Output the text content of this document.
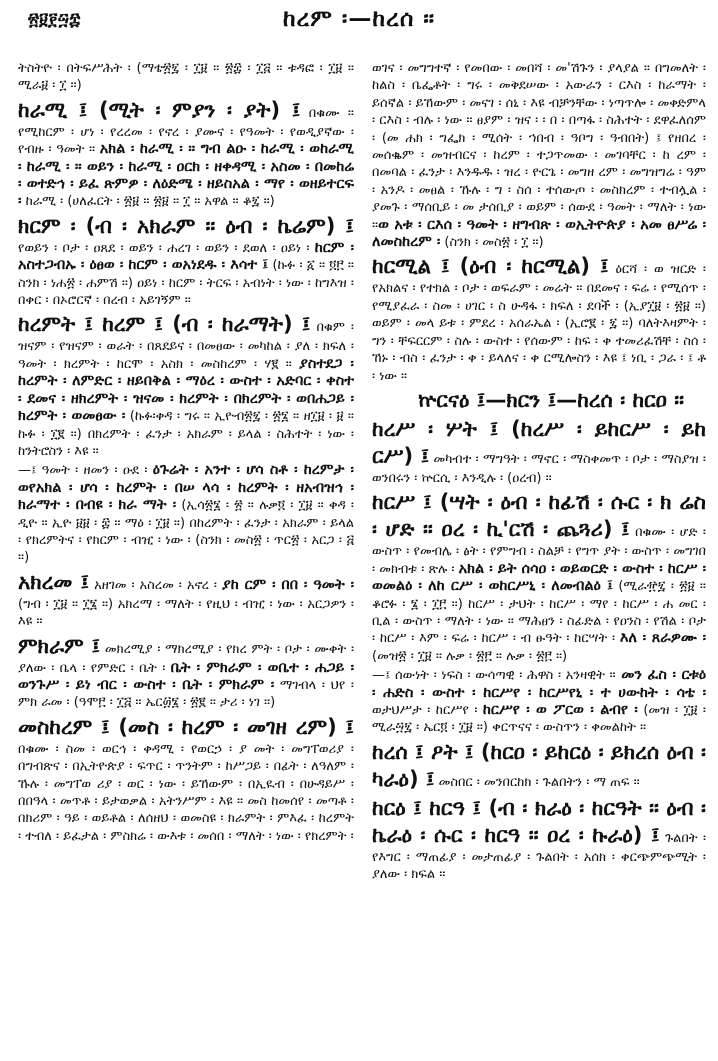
፳፱፻፵፰	ከረም ፡—ከረሰ ።
ትስትዮ ፡ በትፍሥሕት ፡ (ማቴ፳፯ ፡ ፲፱ ። ፳፰ ፡ ፲፭ ። ቱዳፎ ፡ ፲፱ ። ሚራ፱ ፡ ፲ ።)
ከራሚ ፤ (ሚት ፡ ምያን ፡ ያት) ፤ በቁሙ ። የሚከርም ፡ ሆነ ፡ የረረመ ፡ የኖረ ፡ ያሙና ፡ የዓመት ፡ የወዲያኛው ፡ የብዙ ፡ ዓመት ። አክል ፡ ከራሚ ፡ ። ግብ ልዑ ፡ ከራሚ ፡ ወከራሚ ፡ ከራሚ ፡ ። ወይን ፡ ከራሚ ፡ ዐርክ ፡ ዘቀዳሚ ፡ አስመ ፡ በመከሬ ፡ ወተድኅ ፡ ይፈ ጽምዎ ፡ ለዕድሜ ፡ ዘይስአል ፡ ማየ ፡ ወዘይተርፍ ፡ ከራሚ ፡ (ሀለፈርት ፡ ፳፱ ። ፳፱ ። ፲ ። አዋል ። ቆ፯ ።)
ክርም ፡ (ብ ፡ አክራም ። ዕብ ፡ ኬሬም) ፤ የወይን ፡ ቦታ ፡ ዐጸደ ፡ ወይን ፡ ሐረገ ፡ ወይን ፡ ደወለ ፡ ዐይነ ፡ ከርም ፡ አስተጋብኡ ፡ ዕፀወ ፡ ከርም ፡ ወአነደዱ ፡ እሳተ ፤ (ኩፉ ፡ ፩ ። ፬፫ ። ስንክ ፡ ነሐ፳ ፡ ሐምሽ ።) ዐይነ ፡ ከርም ፡ ትርፍ ፡ አብነት ፡ ነው ፡ ከግእዝ ፡ በቀር ፡ በኦሮርኛ ፡ በረብ ፡ አይገኝም ።
ከረምት ፤ ከረም ፤ (ብ ፡ ከራማት) ፤ በቁም ፡ ዝናም ፡ የዝናም ፡ ወራት ፡ በጸደይና ፡ በመፀው ፡ መካከል ፡ ያለ ፡ ክፍለ ፡ ዓመት ፡ ክረምት ፡ ከርሞ ፡ አስክ ፡ መስከረም ፡ ሃ፪ ። ያስተደጋ ፡ ከረምት ፡ ለምድር ፡ ዘይበቅል ፡ ማዕረ ፡ ውስተ ፡ አድባር ፡ ቀስተ ፡ ደመና ፡ ዘክረምት ፡ ዝናመ ፡ ክረምት ፡ በክረምት ፡ ወበሐጋይ ፡ ክረምት ፡ ወመፀው ፡ (ኩፉ፡ቀዳ ፡ ግሩ ። ኢዮብ፳፯ ፡ ፳፮ ። ዘ፲፱ ፡ ፱ ። ኩፉ ፡ ፲፪ ።) በክረምት ፡ ፈንታ ፡ አክራም ፡ ይላል ፡ ስሕተት ፡ ነው ፡ ከንትሮስን ፡ እዩ ።
—፤ ዓመት ፡ ዘመን ፡ ዑደ ፡ ዕጉሬት ፡ አንተ ፡ ሆሳ ስቶ ፡ ከረምታ ፡ ወየአክል ፡ ሆሳ ፡ ከረምት ፡ በሠ ላሳ ፡ ከረምት ፡ ዘአብዝኅ ፡ ክራማተ ፡ በብዩ ፡ ክራ ማት ፡ (ኢሳ፳፮ ፡ ፳ ። ሉቃ፬ ፡ ፲፱ ። ቀዳ ፡ ዲዮ ። ኢዮ ፱፱ ፡ ፰ ። ማዕ ፡ ፲፱ ።) በከረምት ፡ ፈንታ ፡ አክራም ፡ ይላል ፡ የክረምትና ፡ የክርም ፡ ብዢ ፡ ነው ፡ (ስንክ ፡ መስ፳ ፡ ጥር፳ ፡ አርጋ ፡ ፭ ።)
አክረመ ፤ አዘገመ ፡ አስረመ ፡ አኖረ ፡ ያከ ርም ፡ በበ ፡ ዓመት ፡ (ግብ ፡ ፲፱ ። ፲፮ ።) አክረማ ፡ ማለት ፡ የዚህ ፡ ብዢ ፡ ነው ፡ አርጋዎን ፡ እዩ ።
ምክራም ፤ መክረሚያ ፡ ማክረሚያ ፡ የክረ ምት ፡ ቦታ ፡ ሙቀት ፡ ያለው ፡ ቤላ ፡ የምድር ፡ ቤት ፡ ቤት ፡ ምክራም ፡ ወቤተ ፡ ሐጋይ ፡ ወንጉሥ ፡ ይነ ብር ፡ ውስተ ፡ ቤት ፡ ምክራም ፡ ማገብላ ፡ ህየ ፡ ምክ ራመ ፡ (ዓሞ፫ ፡ ፲፭ ። ኤር፴፮ ፡ ፳፪ ። ታሪ ፡ ነገ ።)
መስከረም ፤ (መስ ፡ ከረም ፡ መገዘ ረም) ፤ በቁሙ ፡ ስመ ፡ ወርኅ ፡ ቀዳሚ ፡ የወርኃ ፡ ያ መት ፡ መግፐወሪያ ፡ በግብጽና ፡ በኢትዮጵያ ፡ ፍጥር ፡ ጥንትም ፡ ከሥጋይ ፡ በፊት ፡ ለዓለም ፡ ኹሉ ፡ መግፐወ ሪያ ፡ ወር ፡ ነው ፡ ይኸውም ፡ በኢዪብ ፡ በሁዳይሥ ፡ በበዓላ ፡ መጥቶ ፡ ይታወቃል ፡ አትንሥም ፡ እዩ ። መስ ከመሰየ ፡ መጣቶ ፡ በክሪም ፡ ዓይ ፡ ወይቶል ፡ ለሰዘህ ፡ ወመስዩ ፡ ክራምት ፡ ምእፈ ፡ ከረምት ፡ ተብለ ፡ ይፈታል ፡ ምስክሬ ፡ ውእቱ ፡ መሰበ ፡ ማለት ፡ ነው ፡ የክረምት ፡
ወገና ፡ መግግተኛ ፡ የመበው ፡ መበሻ ፡ መ'ሽጉን ፡ ያላያል ። በግመለት ፡ ከልስ ፡ ቤፌቶት ፡ ግሩ ፡ መቅደሠው ፡ አውራን ፡ ርእስ ፡ ከራማት ፡ ይሰኛል ፡ ይኸውም ፡ መናገ ፡ ሰኒ ፡ እዩ ብቻንቸው ፡ ነጣጥሎ ፡ መቀድምላ ፡ ርእስ ፡ ብሉ ፡ ነው ። ፀያም ፡ ዝና ፡ ፡ በ ፡ በጣፋ ፡ ስሕተት ፡ ደዋፈለሰም ፡ (መ ሐክ ፡ ግፌክ ፡ ሚሰት ፡ ኀበብ ፡ ዓቦግ ፡ ዓብበት) ፤ የዘበረ ፡ መሰቈም ፡ መዝብርና ፡ ከረም ፡ ተጋጥመው ፡ መገባቸር ፡ ከ ረም ፡ በመባል ፡ ፈንታ ፡ እንዱዱ ፡ ዝረ ፡ ዮርጌ ፡ መግዘ ረም ፡ መግዝግሬ ፡ ዓም ፡ አንዶ ፡ መፀል ፡ ኹሉ ፡ ግ ፡ ስሰ ፡ ተሰውጦ ፡ መስክረም ፡ ተብሏል ፡ ያመጉ ፡ ማሰቢይ ፡ መ ታሰቢያ ፡ ወይም ፡ ሰውደ ፡ ዓመት ፡ ማለት ፡ ነው ።ወ አቱ ፡ ርእሰ ፡ ዓመት ፡ ዘግብጽ ፡ ወኢትዮጵያ ፡ አመ ፀሥሬ ፡ ለመስከረም ፡ (ስንክ ፡ መስ፳ ፡ ፲ ።)
ከርሚል ፤ (ዕብ ፡ ከርሚል) ፤ ዕርሻ ፡ ወ ዝርድ ፡ የአክልና ፡ የተክል ፡ ቦታ ፡ ወፍራም ፡ መሬት ። በደመና ፡ ፍሬ ፡ የሚሰጥ ፡ የሚያፈራ ፡ ስመ ፡ ሀገር ፡ ስ ሁዳፋ ፡ ክፍለ ፡ ደባች ፡ (ኢያ፲፱ ፡ ፳፱ ።) ወይም ፡ መላ ይቱ ፡ ምደረ ፡ አሰራኤል ፡ (ኢሮ፪ ፡ ፯ ።) ባለትእዛምት ፡ ግን ፡ ቸፍርርም ፡ ስሉ ፡ ውስተ ፡ የሰውም ፡ ከፍ ፡ ቀ ተመሪፈሽቸ ፡ ስሰ ፡ ኸኑ ፡ ብስ ፡ ፈንታ ፡ ቀ ፡ ይላለና ፡ ቀ ርሚሎስን ፡ እዩ ፤ ነቢ ፡ ጋራ ፡ ፤ ቶ ፡ ነው ።
ኵርናዕ ፤—ክርን ፤—ከረሰ ፡ ከርዐ ።
ከረሥ ፡ ሦት ፤ (ከረሥ ፡ ይከርሥ ፡ ይከ ርሥ) ፤ መካብተ ፡ ማግዓት ፡ ማኖር ፡ ማስቀመጥ ፡ ቦታ ፡ ማስያዝ ፡ ወንበሩን ፡ ኵርሲ ፡ እንዲሉ ፡ (ዐረብ) ።
ከርሥ ፤ (ሣት ፡ ዕብ ፡ ከፊሽ ፡ ሱር ፡ ክ ሬስ ፡ ሆድ ። ዐረ ፡ ኪ'ርሽ ፡ ጨጓሪ) ፤ በቁሙ ፡ ሆድ ፡ ውስጥ ፡ የመብሌ ፡ ፅት ፡ የምግብ ፡ ስልቻ ፡ የግጥ ያት ፡ ውስጥ ፡ መግገበ ፡ መክብቱ ፡ ጽሉ ፡ አክል ፡ ይት ሰሳዐ ፡ ወይወርድ ፡ ውስተ ፡ ከርሥ ፡ ወመልዕ ፡ ለከ ርሥ ፡ ወከርሥኒ ፡ ለመብልዕ ፤ (ሚራ፹፯ ፡ ፳፱ ። ቆሮፉ ፡ ፮ ፡ ፲፫ ።) ከርሥ ፡ ታህት ፡ ከርሥ ፡ ማየ ፡ ከርሥ ፡ ሐ መር ፡ ቢል ፡ ውስጥ ፡ ማለት ፡ ነው ። ማሕፀን ፡ ስፊድል ፡ የዐንስ ፡ የሽል ፡ ቦታ ፡ ከርሥ ፡ እም ፡ ፍሬ ፡ ከርሥ ፡ ብ ፁዓት ፡ ከርሣት ፡ እለ ፡ ጸራዎሙ ፡ (መዝ፳ ፡ ፲፱ ። ሉቃ ፡ ፳፫ ። ሉቃ ፡ ፳፫ ።)
—፤ ሰውነት ፡ ነፍስ ፡ ውሳጣዊ ፡ ሕዋስ ፡ አንዛዊት ። መን ፈስ ፡ ርቱዕ ፡ ሐድስ ፡ ውስተ ፡ ከርሥየ ፡ ከርሥየኒ ፡ ተ ሀውከት ፡ ሳቴ ፡ ወታህሥታ ፡ ከርሥየ ፡ ከርሥየ ፡ ወ ፖርወ ፡ ልብየ ፡ (መዝ ፡ ፲፱ ፡ ሚራ፵፯ ፡ ኤር፬ ፡ ፲፱ ።) ቀርጥናና ፡ ውስጥን ፡ ቀመልከት ።
ከረሰ ፤ ዖት ፤ (ከርዐ ፡ ይከርዕ ፡ ይክረሰ ዕብ ፡ ካራዕ) ፤ መስበር ፡ መንበርከክ ፡ ጉልበትን ፡ ማ ጠፍ ።
ከርዕ ፤ ከርዓ ፤ (ብ ፡ ክራዕ ፡ ከርዓት ። ዕብ ፡ ኬራዕ ፡ ሱር ፡ ከርዓ ። ዐረ ፡ ኩራዕ) ፤ ጉልበት ፡ የእግር ፡ ማጠፊያ ፡ መታጠፊያ ፡ ጉልበት ፡ አሰክ ፡ ቀርጭምጭሚት ፡ ያለው ፡ ክፍል ።
